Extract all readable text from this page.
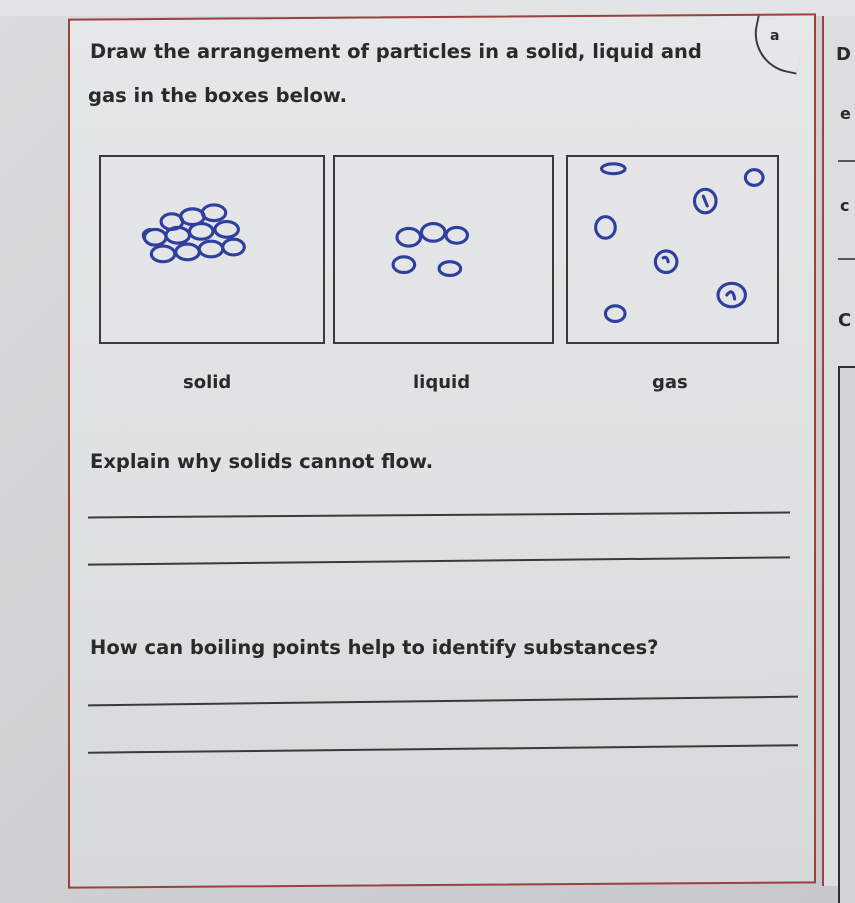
D
e
c
C
Draw the arrangement of particles in a solid, liquid and
gas in the boxes below.
a
solid	liquid	gas
Explain why solids cannot flow.
How can boiling points help to identify substances?
